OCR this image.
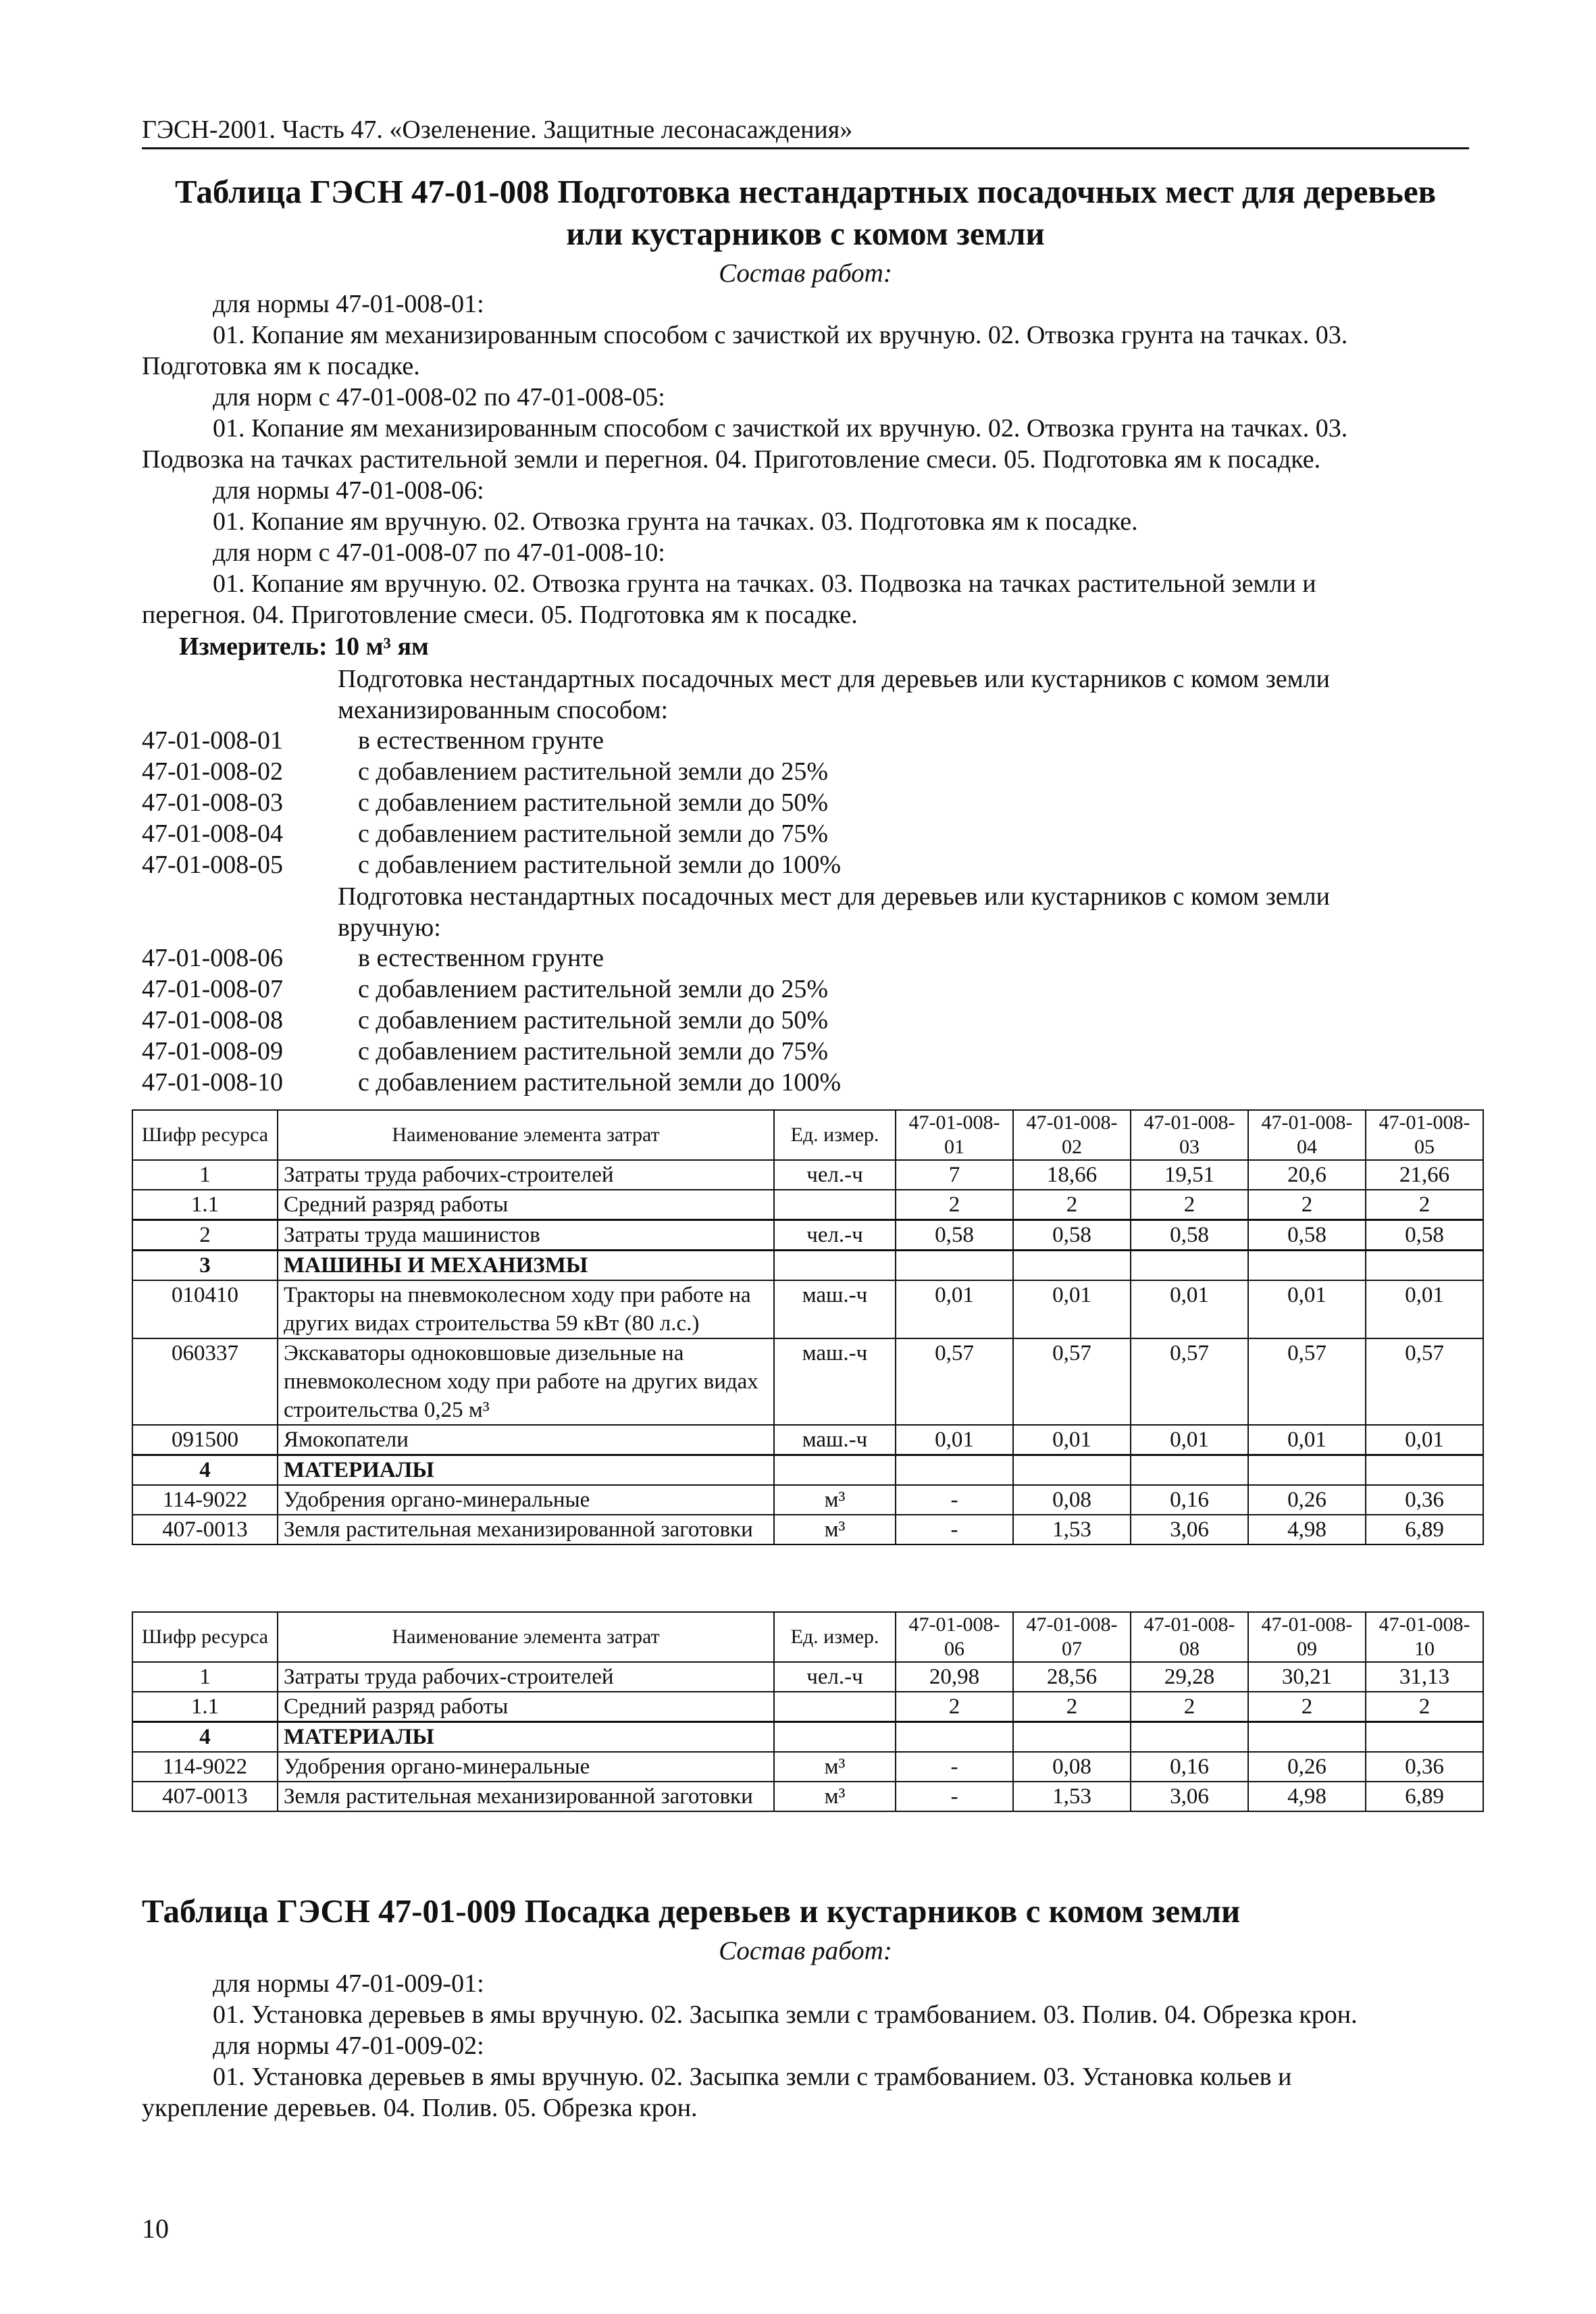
ГЭСН-2001. Часть 47. «Озеленение. Защитные лесонасаждения»
Таблица ГЭСН 47-01-008 Подготовка нестандартных посадочных мест для деревьев
или кустарников с комом земли
Состав работ:
для нормы 47-01-008-01:
01. Копание ям механизированным способом с зачисткой их вручную. 02. Отвозка грунта на тачках. 03.
Подготовка ям к посадке.
для норм с 47-01-008-02 по 47-01-008-05:
01. Копание ям механизированным способом с зачисткой их вручную. 02. Отвозка грунта на тачках. 03.
Подвозка на тачках растительной земли и перегноя. 04. Приготовление смеси. 05. Подготовка ям к посадке.
для нормы 47-01-008-06:
01. Копание ям вручную. 02. Отвозка грунта на тачках. 03. Подготовка ям к посадке.
для норм с 47-01-008-07 по 47-01-008-10:
01. Копание ям вручную. 02. Отвозка грунта на тачках. 03. Подвозка на тачках растительной земли и
перегноя. 04. Приготовление смеси. 05. Подготовка ям к посадке.
Измеритель: 10 м³ ям
Подготовка нестандартных посадочных мест для деревьев или кустарников с комом земли механизированным способом:
47-01-008-01	в естественном грунте
47-01-008-02	с добавлением растительной земли до 25%
47-01-008-03	с добавлением растительной земли до 50%
47-01-008-04	с добавлением растительной земли до 75%
47-01-008-05	с добавлением растительной земли до 100%
Подготовка нестандартных посадочных мест для деревьев или кустарников с комом земли вручную:
47-01-008-06	в естественном грунте
47-01-008-07	с добавлением растительной земли до 25%
47-01-008-08	с добавлением растительной земли до 50%
47-01-008-09	с добавлением растительной земли до 75%
47-01-008-10	с добавлением растительной земли до 100%
Шифр ресурса	Наименование элемента затрат	Ед. измер.	47-01-008-01	47-01-008-02	47-01-008-03	47-01-008-04	47-01-008-05
1	Затраты труда рабочих-строителей	чел.-ч	7	18,66	19,51	20,6	21,66
1.1	Средний разряд работы		2	2	2	2	2
2	Затраты труда машинистов	чел.-ч	0,58	0,58	0,58	0,58	0,58
3	МАШИНЫ И МЕХАНИЗМЫ						
010410	Тракторы на пневмоколесном ходу при работе на других видах строительства 59 кВт (80 л.с.)	маш.-ч	0,01	0,01	0,01	0,01	0,01
060337	Экскаваторы одноковшовые дизельные на пневмоколесном ходу при работе на других видах строительства 0,25 м³	маш.-ч	0,57	0,57	0,57	0,57	0,57
091500	Ямокопатели	маш.-ч	0,01	0,01	0,01	0,01	0,01
4	МАТЕРИАЛЫ						
114-9022	Удобрения органо-минеральные	м³	-	0,08	0,16	0,26	0,36
407-0013	Земля растительная механизированной заготовки	м³	-	1,53	3,06	4,98	6,89
Шифр ресурса	Наименование элемента затрат	Ед. измер.	47-01-008-06	47-01-008-07	47-01-008-08	47-01-008-09	47-01-008-10
1	Затраты труда рабочих-строителей	чел.-ч	20,98	28,56	29,28	30,21	31,13
1.1	Средний разряд работы		2	2	2	2	2
4	МАТЕРИАЛЫ						
114-9022	Удобрения органо-минеральные	м³	-	0,08	0,16	0,26	0,36
407-0013	Земля растительная механизированной заготовки	м³	-	1,53	3,06	4,98	6,89
Таблица ГЭСН 47-01-009 Посадка деревьев и кустарников с комом земли
Состав работ:
для нормы 47-01-009-01:
01. Установка деревьев в ямы вручную. 02. Засыпка земли с трамбованием. 03. Полив. 04. Обрезка крон.
для нормы 47-01-009-02:
01. Установка деревьев в ямы вручную. 02. Засыпка земли с трамбованием. 03. Установка кольев и
укрепление деревьев. 04. Полив. 05. Обрезка крон.
10
